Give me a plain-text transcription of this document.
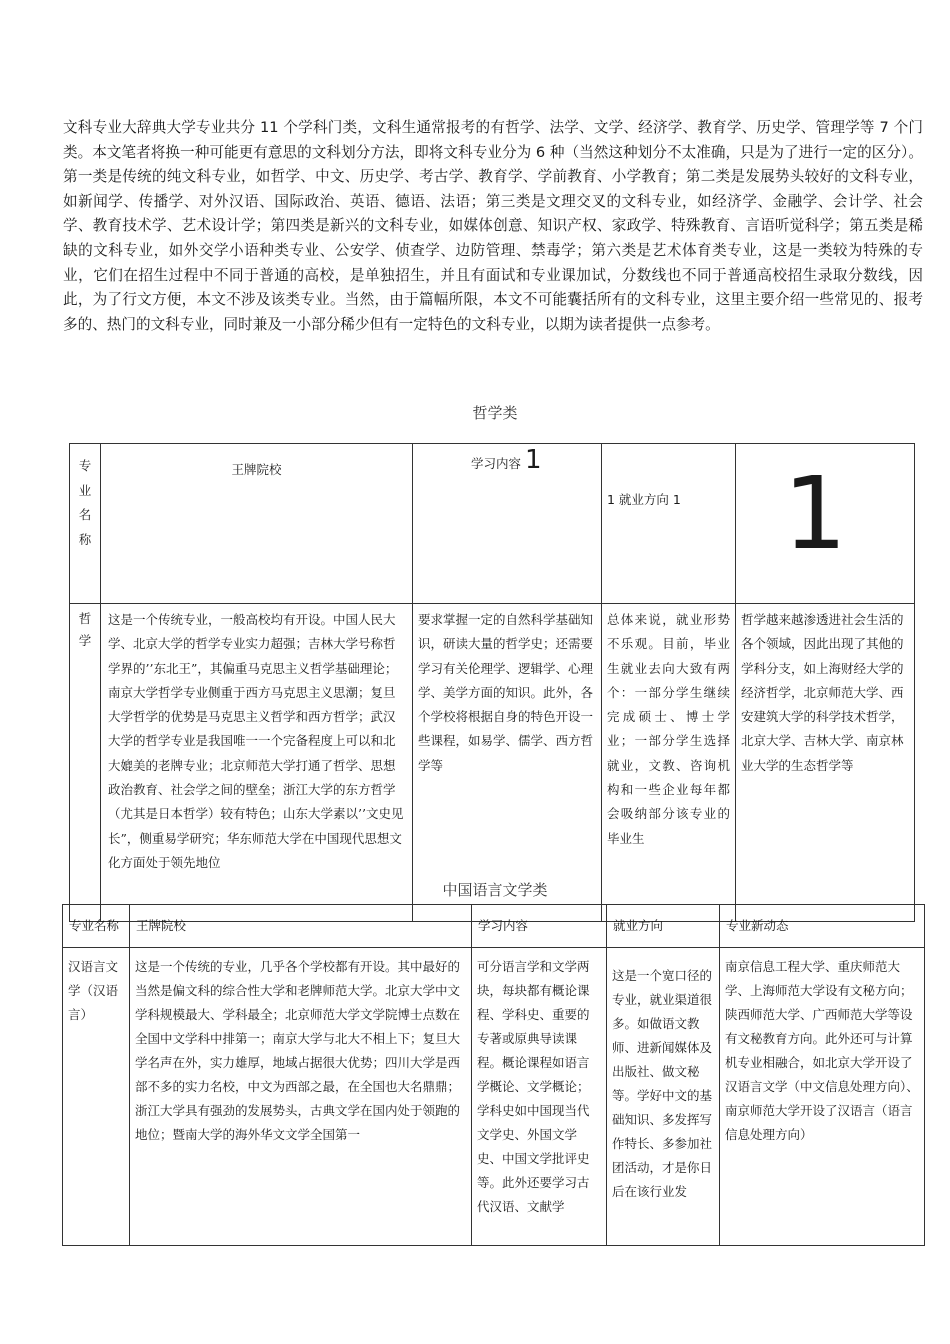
文科专业大辞典大学专业共分 11 个学科门类，文科生通常报考的有哲学、法学、文学、经济学、教育学、历史学、管理学等 7 个门类。本文笔者将换一种可能更有意思的文科划分方法，即将文科专业分为 6 种（当然这种划分不太准确，只是为了进行一定的区分）。第一类是传统的纯文科专业，如哲学、中文、历史学、考古学、教育学、学前教育、小学教育；第二类是发展势头较好的文科专业，如新闻学、传播学、对外汉语、国际政治、英语、德语、法语；第三类是文理交叉的文科专业，如经济学、金融学、会计学、社会学、教育技术学、艺术设计学；第四类是新兴的文科专业，如媒体创意、知识产权、家政学、特殊教育、言语听觉科学；第五类是稀缺的文科专业，如外交学小语种类专业、公安学、侦查学、边防管理、禁毒学；第六类是艺术体育类专业，这是一类较为特殊的专业，它们在招生过程中不同于普通的高校，是单独招生，并且有面试和专业课加试，分数线也不同于普通高校招生录取分数线，因此，为了行文方便，本文不涉及该类专业。当然，由于篇幅所限，本文不可能囊括所有的文科专业，这里主要介绍一些常见的、报考多的、热门的文科专业，同时兼及一小部分稀少但有一定特色的文科专业，以期为读者提供一点参考。

哲学类
专业名称	王牌院校	学习内容 1	1 就业方向 1	1

哲学	这是一个传统专业，一般高校均有开设。中国人民大学、北京大学的哲学专业实力超强；吉林大学号称哲学界的’’东北王”，其偏重马克思主义哲学基础理论；南京大学哲学专业侧重于西方马克思主义思潮；复旦大学哲学的优势是马克思主义哲学和西方哲学；武汉大学的哲学专业是我国唯一一个完备程度上可以和北大媲美的老牌专业；北京师范大学打通了哲学、思想政治教育、社会学之间的壁垒；浙江大学的东方哲学（尤其是日本哲学）较有特色；山东大学素以’’文史见长”，侧重易学研究；华东师范大学在中国现代思想文化方面处于领先地位	要求掌握一定的自然科学基础知识，研读大量的哲学史；还需要学习有关伦理学、逻辑学、心理学、美学方面的知识。此外，各个学校将根据自身的特色开设一些课程，如易学、儒学、西方哲学等	总体来说，就业形势不乐观。目前，毕业生就业去向大致有两个：一部分学生继续完成硕士、博士学业；一部分学生选择就业，文教、咨询机构和一些企业每年都会吸纳部分该专业的毕业生	哲学越来越渗透进社会生活的各个领域，因此出现了其他的学科分支，如上海财经大学的经济哲学，北京师范大学、西安建筑大学的科学技术哲学，北京大学、吉林大学、南京林业大学的生态哲学等
中国语言文学类
专业名称	王牌院校	学习内容	就业方向	专业新动态
汉语言文学（汉语言）	这是一个传统的专业，几乎各个学校都有开设。其中最好的当然是偏文科的综合性大学和老牌师范大学。北京大学中文学科规模最大、学科最全；北京师范大学文学院博士点数在全国中文学科中排第一；南京大学与北大不相上下；复旦大学名声在外，实力雄厚，地域占据很大优势；四川大学是西部不多的实力名校，中文为西部之最，在全国也大名鼎鼎；浙江大学具有强劲的发展势头，古典文学在国内处于领跑的地位；暨南大学的海外华文文学全国第一	可分语言学和文学两块，每块都有概论课程、学科史、重要的专著或原典导读课程。概论课程如语言学概论、文学概论；学科史如中国现当代文学史、外国文学史、中国文学批评史等。此外还要学习古代汉语、文献学	这是一个宽口径的专业，就业渠道很多。如做语文教师、进新闻媒体及出版社、做文秘等。学好中文的基础知识、多发挥写作特长、多参加社团活动，才是你日后在该行业发	南京信息工程大学、重庆师范大学、上海师范大学设有文秘方向；陕西师范大学、广西师范大学等设有文秘教育方向。此外还可与计算机专业相融合，如北京大学开设了汉语言文学（中文信息处理方向）、南京师范大学开设了汉语言（语言信息处理方向）
